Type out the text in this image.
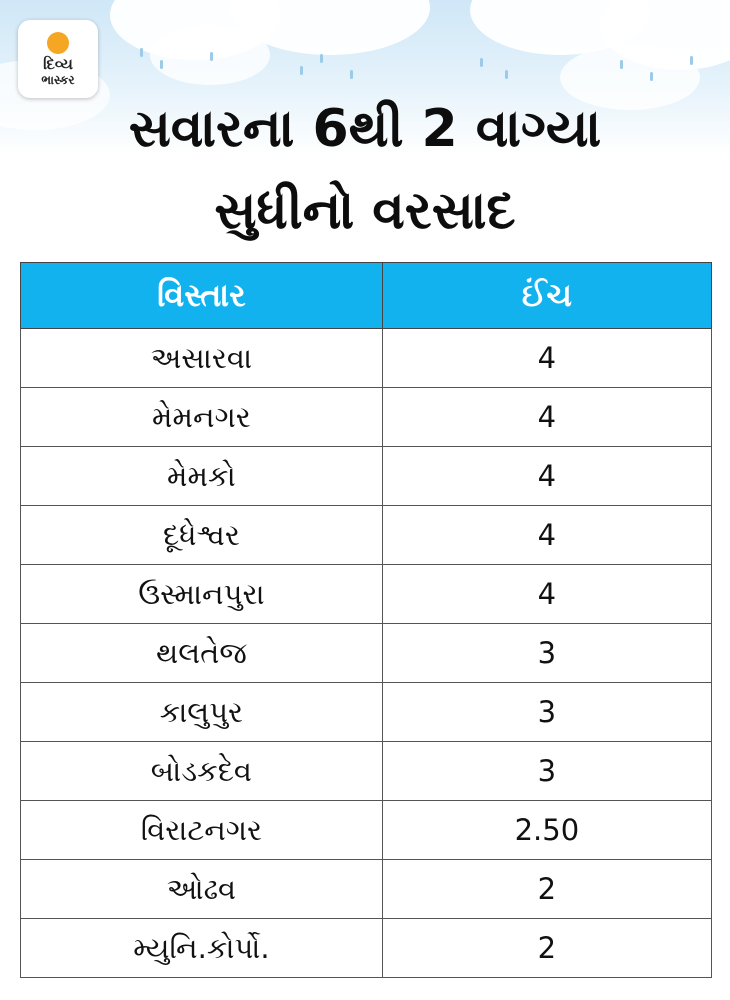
દિવ્ય
ભાસ્કર
સવારના 6થી 2 વાગ્યા
સુધીનો વરસાદ
વિસ્તાર	ઈંચ
અસારવા	4
મેમનગર	4
મેમકો	4
દૂધેશ્વર	4
ઉસ્માનપુરા	4
થલતેજ	3
કાલુપુર	3
બોડકદેવ	3
વિરાટનગર	2.50
ઓઢવ	2
મ્યુનિ.કોર્પો.	2
